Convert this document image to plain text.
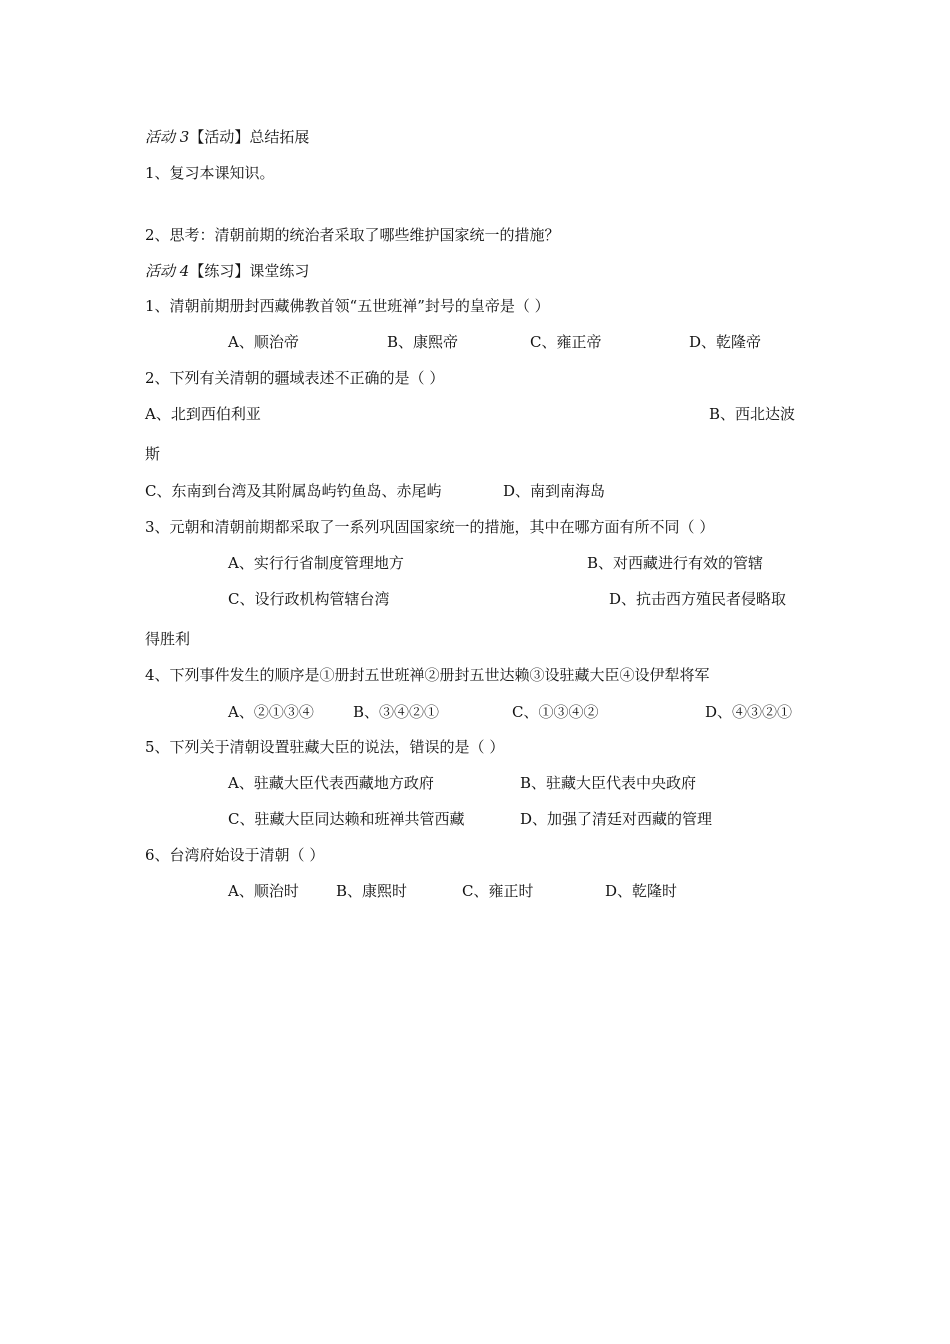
活动 3【活动】总结拓展
1、复习本课知识。
2、思考：清朝前期的统治者采取了哪些维护国家统一的措施？
活动 4【练习】课堂练习
1、清朝前期册封西藏佛教首领“五世班禅”封号的皇帝是（ ）
A、顺治帝	B、康熙帝	C、雍正帝	D、乾隆帝
2、下列有关清朝的疆域表述不正确的是（ ）
A、北到西伯利亚	B、西北达波
斯
C、东南到台湾及其附属岛屿钓鱼岛、赤尾屿	D、南到南海岛
3、元朝和清朝前期都采取了一系列巩固国家统一的措施，其中在哪方面有所不同（ ）
A、实行行省制度管理地方	B、对西藏进行有效的管辖
C、设行政机构管辖台湾	D、抗击西方殖民者侵略取
得胜利
4、下列事件发生的顺序是①册封五世班禅②册封五世达赖③设驻藏大臣④设伊犁将军
A、②①③④	B、③④②①	C、①③④②	D、④③②①
5、下列关于清朝设置驻藏大臣的说法，错误的是（ ）
A、驻藏大臣代表西藏地方政府	B、驻藏大臣代表中央政府
C、驻藏大臣同达赖和班禅共管西藏	D、加强了清廷对西藏的管理
6、台湾府始设于清朝（ ）
A、顺治时 B、康熙时	C、雍正时	D、乾隆时
